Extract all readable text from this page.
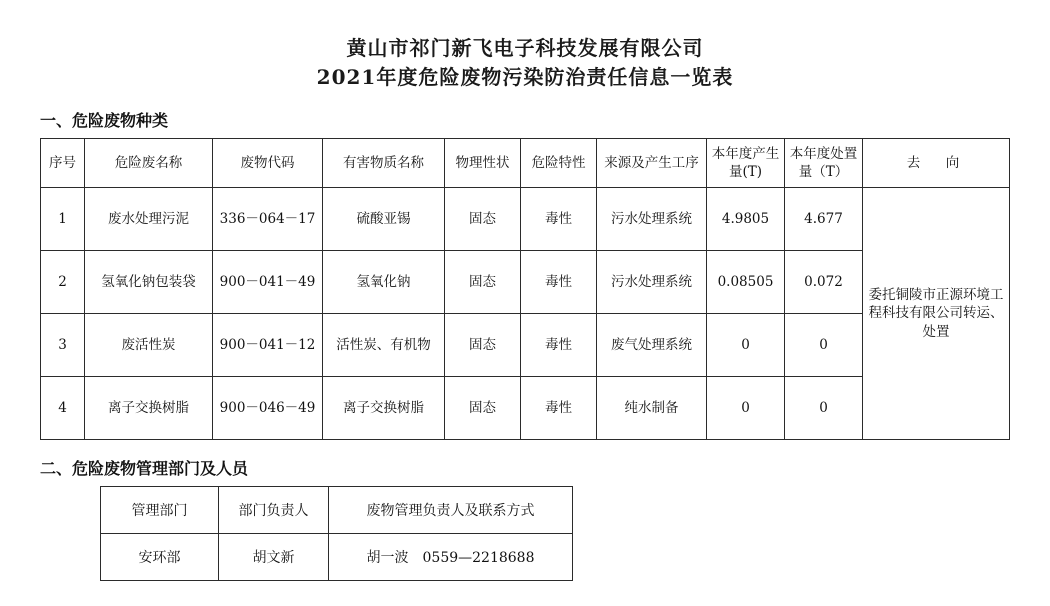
黄山市祁门新飞电子科技发展有限公司
2021年度危险废物污染防治责任信息一览表
一、危险废物种类
序号	危险废名称	废物代码	有害物质名称	物理性状	危险特性	来源及产生工序	本年度产生量(T)	本年度处置量（T）	去　向
1	废水处理污泥	336－064－17	硫酸亚锡	固态	毒性	污水处理系统	4.9805	4.677	委托铜陵市正源环境工程科技有限公司转运、处置
2	氢氧化钠包装袋	900－041－49	氢氧化钠	固态	毒性	污水处理系统	0.08505	0.072	
3	废活性炭	900－041－12	活性炭、有机物	固态	毒性	废气处理系统	0	0	
4	离子交换树脂	900－046－49	离子交换树脂	固态	毒性	纯水制备	0	0	
二、危险废物管理部门及人员
管理部门	部门负责人	废物管理负责人及联系方式
安环部	胡文新	胡一波　0559—2218688
